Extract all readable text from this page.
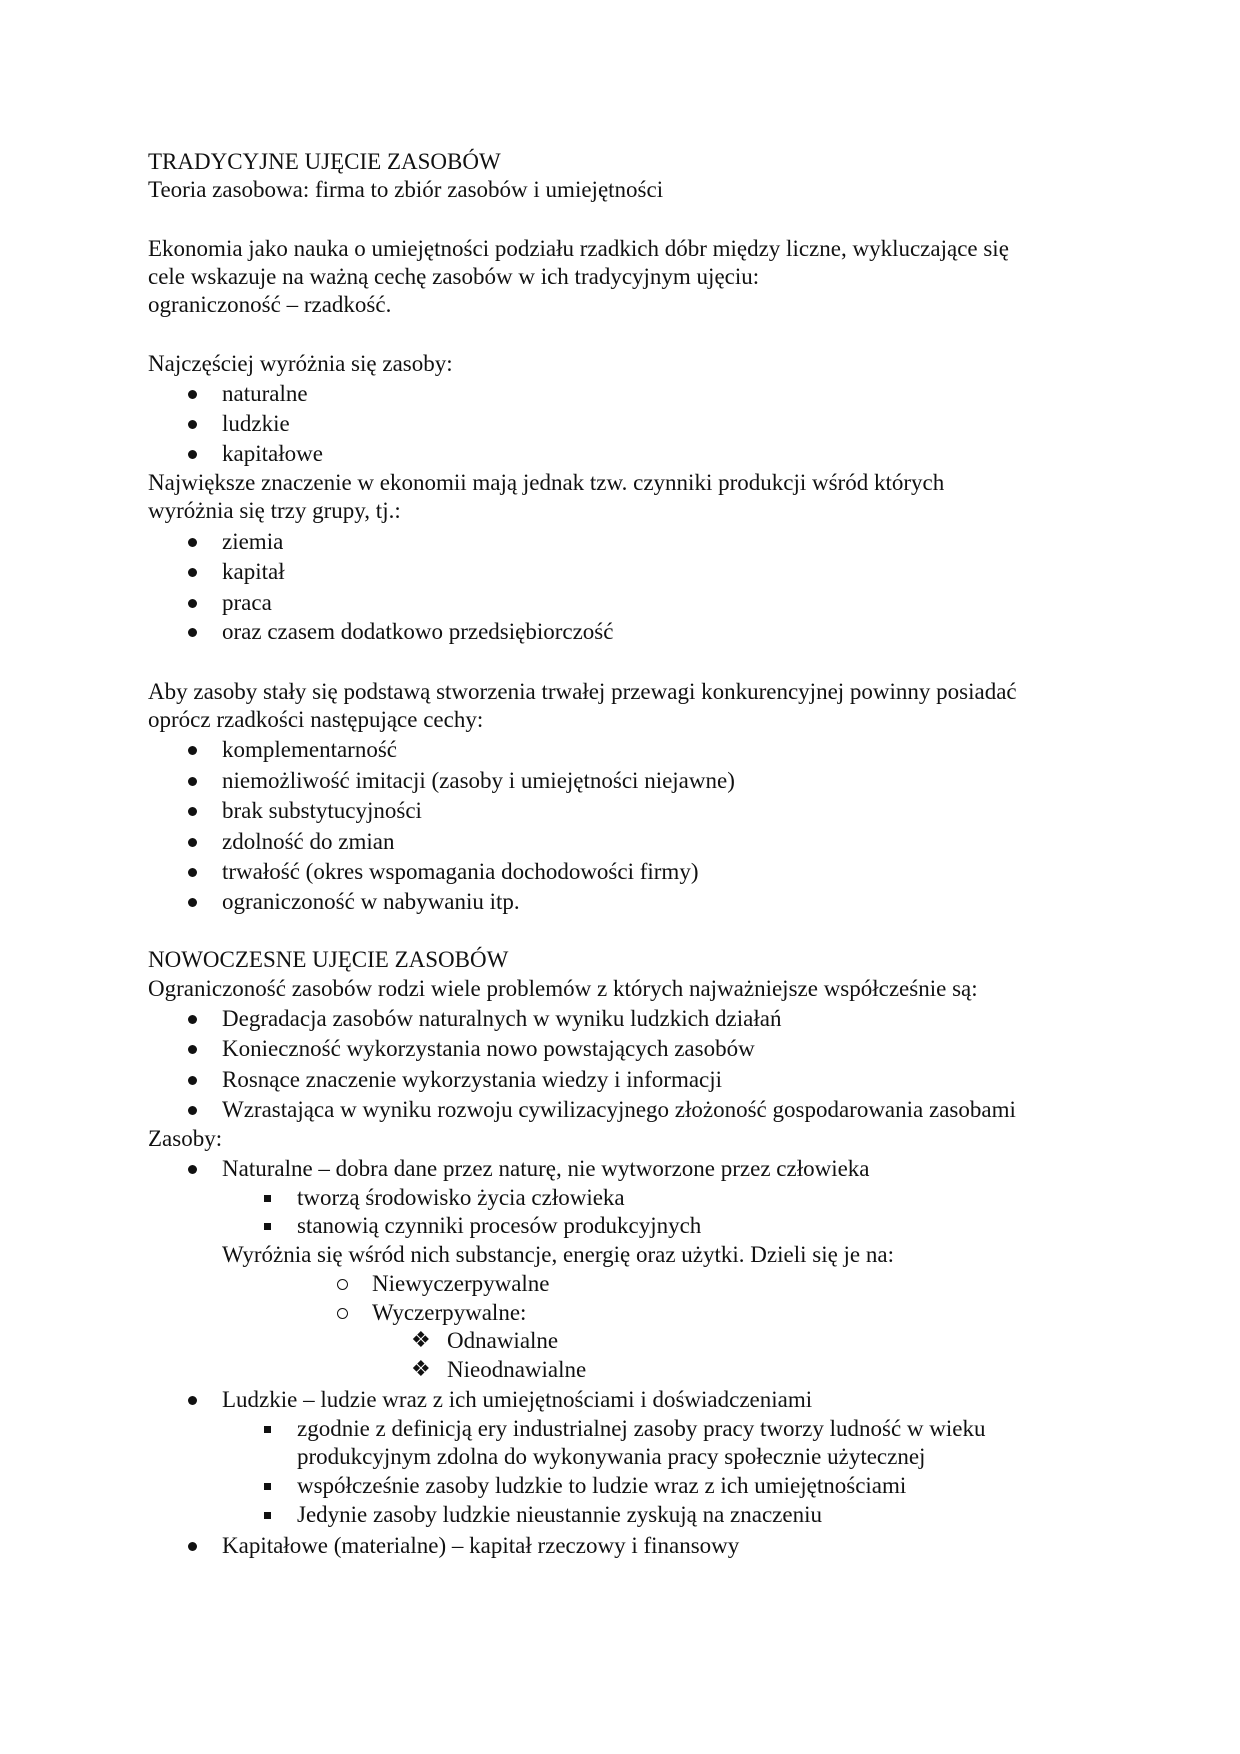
TRADYCYJNE UJĘCIE ZASOBÓW
Teoria zasobowa: firma to zbiór zasobów i umiejętności
Ekonomia jako nauka o umiejętności podziału rzadkich dóbr między liczne, wykluczające się
cele wskazuje na ważną cechę zasobów w ich tradycyjnym ujęciu:
ograniczoność – rzadkość.
Najczęściej wyróżnia się zasoby:
naturalne
ludzkie
kapitałowe
Największe znaczenie w ekonomii mają jednak tzw. czynniki produkcji wśród których
wyróżnia się trzy grupy, tj.:
ziemia
kapitał
praca
oraz czasem dodatkowo przedsiębiorczość
Aby zasoby stały się podstawą stworzenia trwałej przewagi konkurencyjnej powinny posiadać
oprócz rzadkości następujące cechy:
komplementarność
niemożliwość imitacji (zasoby i umiejętności niejawne)
brak substytucyjności
zdolność do zmian
trwałość (okres wspomagania dochodowości firmy)
ograniczoność w nabywaniu itp.
NOWOCZESNE UJĘCIE ZASOBÓW
Ograniczoność zasobów rodzi wiele problemów z których najważniejsze współcześnie są:
Degradacja zasobów naturalnych w wyniku ludzkich działań
Konieczność wykorzystania nowo powstających zasobów
Rosnące znaczenie wykorzystania wiedzy i informacji
Wzrastająca w wyniku rozwoju cywilizacyjnego złożoność gospodarowania zasobami
Zasoby:
Naturalne – dobra dane przez naturę, nie wytworzone przez człowieka
tworzą środowisko życia człowieka
stanowią czynniki procesów produkcyjnych
Wyróżnia się wśród nich substancje, energię oraz użytki. Dzieli się je na:
Niewyczerpywalne
Wyczerpywalne:
❖ Odnawialne
❖ Nieodnawialne
Ludzkie – ludzie wraz z ich umiejętnościami i doświadczeniami
zgodnie z definicją ery industrialnej zasoby pracy tworzy ludność w wieku
produkcyjnym zdolna do wykonywania pracy społecznie użytecznej
współcześnie zasoby ludzkie to ludzie wraz z ich umiejętnościami
Jedynie zasoby ludzkie nieustannie zyskują na znaczeniu
Kapitałowe (materialne) – kapitał rzeczowy i finansowy
